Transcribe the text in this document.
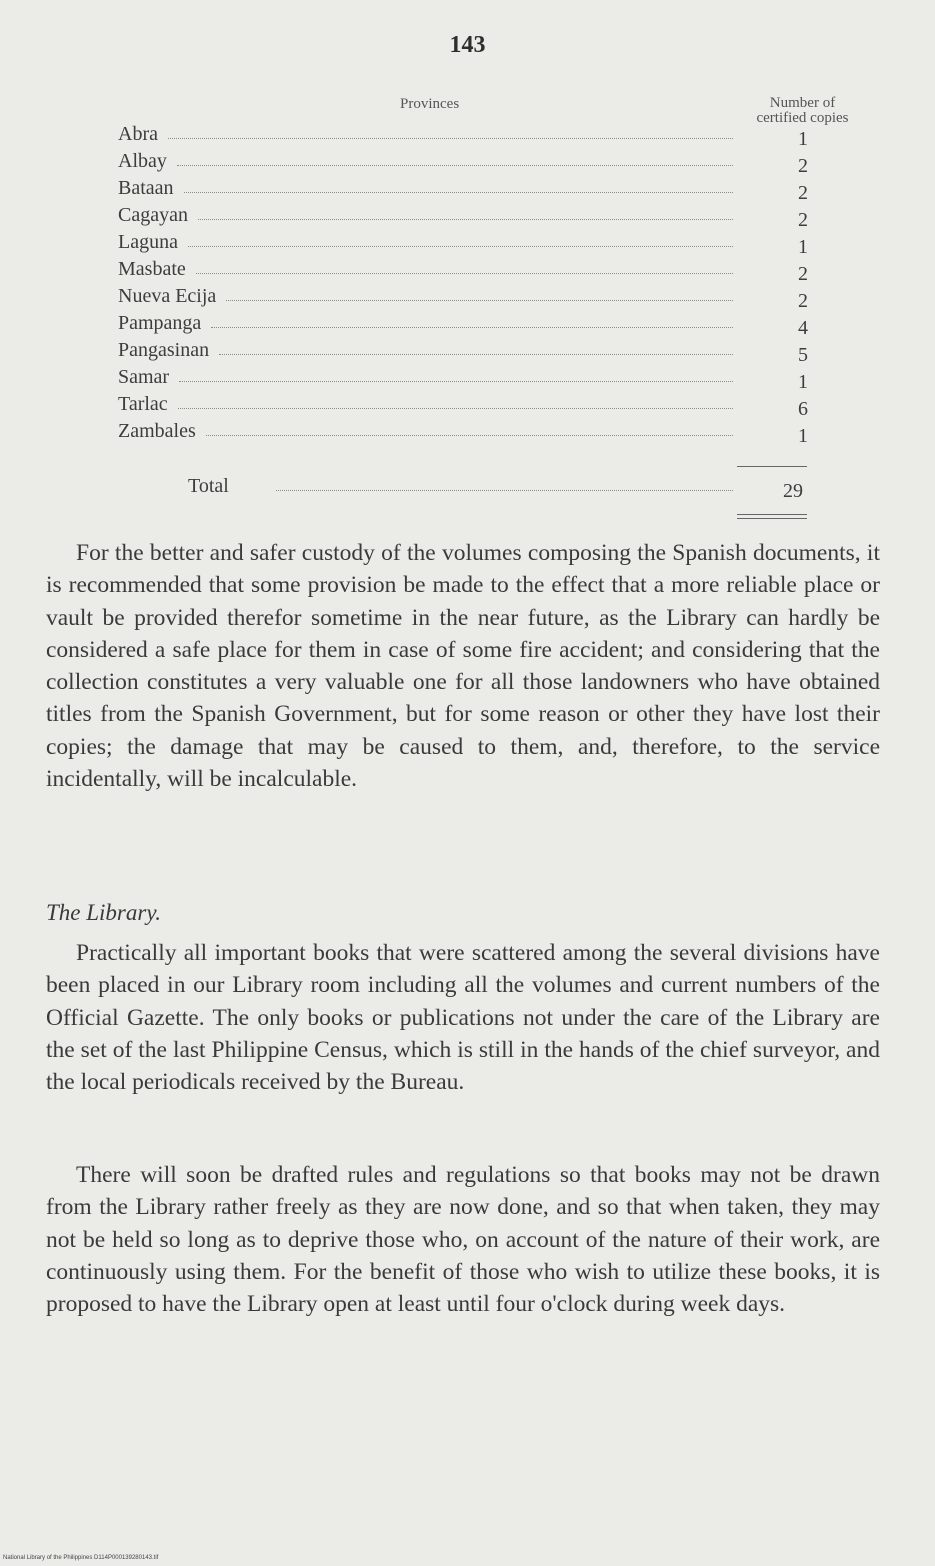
143
Provinces	Number of
certified copies
Abra	1
Albay	2
Bataan	2
Cagayan	2
Laguna	1
Masbate	2
Nueva Ecija	2
Pampanga	4
Pangasinan	5
Samar	1
Tarlac	6
Zambales	1
Total	29

For the better and safer custody of the volumes composing the Spanish documents, it is recommended that some provision be made to the effect that a more reliable place or vault be provided therefor sometime in the near future, as the Library can hardly be considered a safe place for them in case of some fire accident; and considering that the collection constitutes a very valuable one for all those landowners who have obtained titles from the Spanish Government, but for some reason or other they have lost their copies; the damage that may be caused to them, and, therefore, to the service incidentally, will be incalculable.

The Library.

Practically all important books that were scattered among the several divisions have been placed in our Library room including all the volumes and current numbers of the Official Gazette. The only books or publications not under the care of the Library are the set of the last Philippine Census, which is still in the hands of the chief surveyor, and the local periodicals received by the Bureau.

There will soon be drafted rules and regulations so that books may not be drawn from the Library rather freely as they are now done, and so that when taken, they may not be held so long as to deprive those who, on account of the nature of their work, are continuously using them. For the benefit of those who wish to utilize these books, it is proposed to have the Library open at least until four o'clock during week days.

National Library of the Philippines D114P000139280143.tif
